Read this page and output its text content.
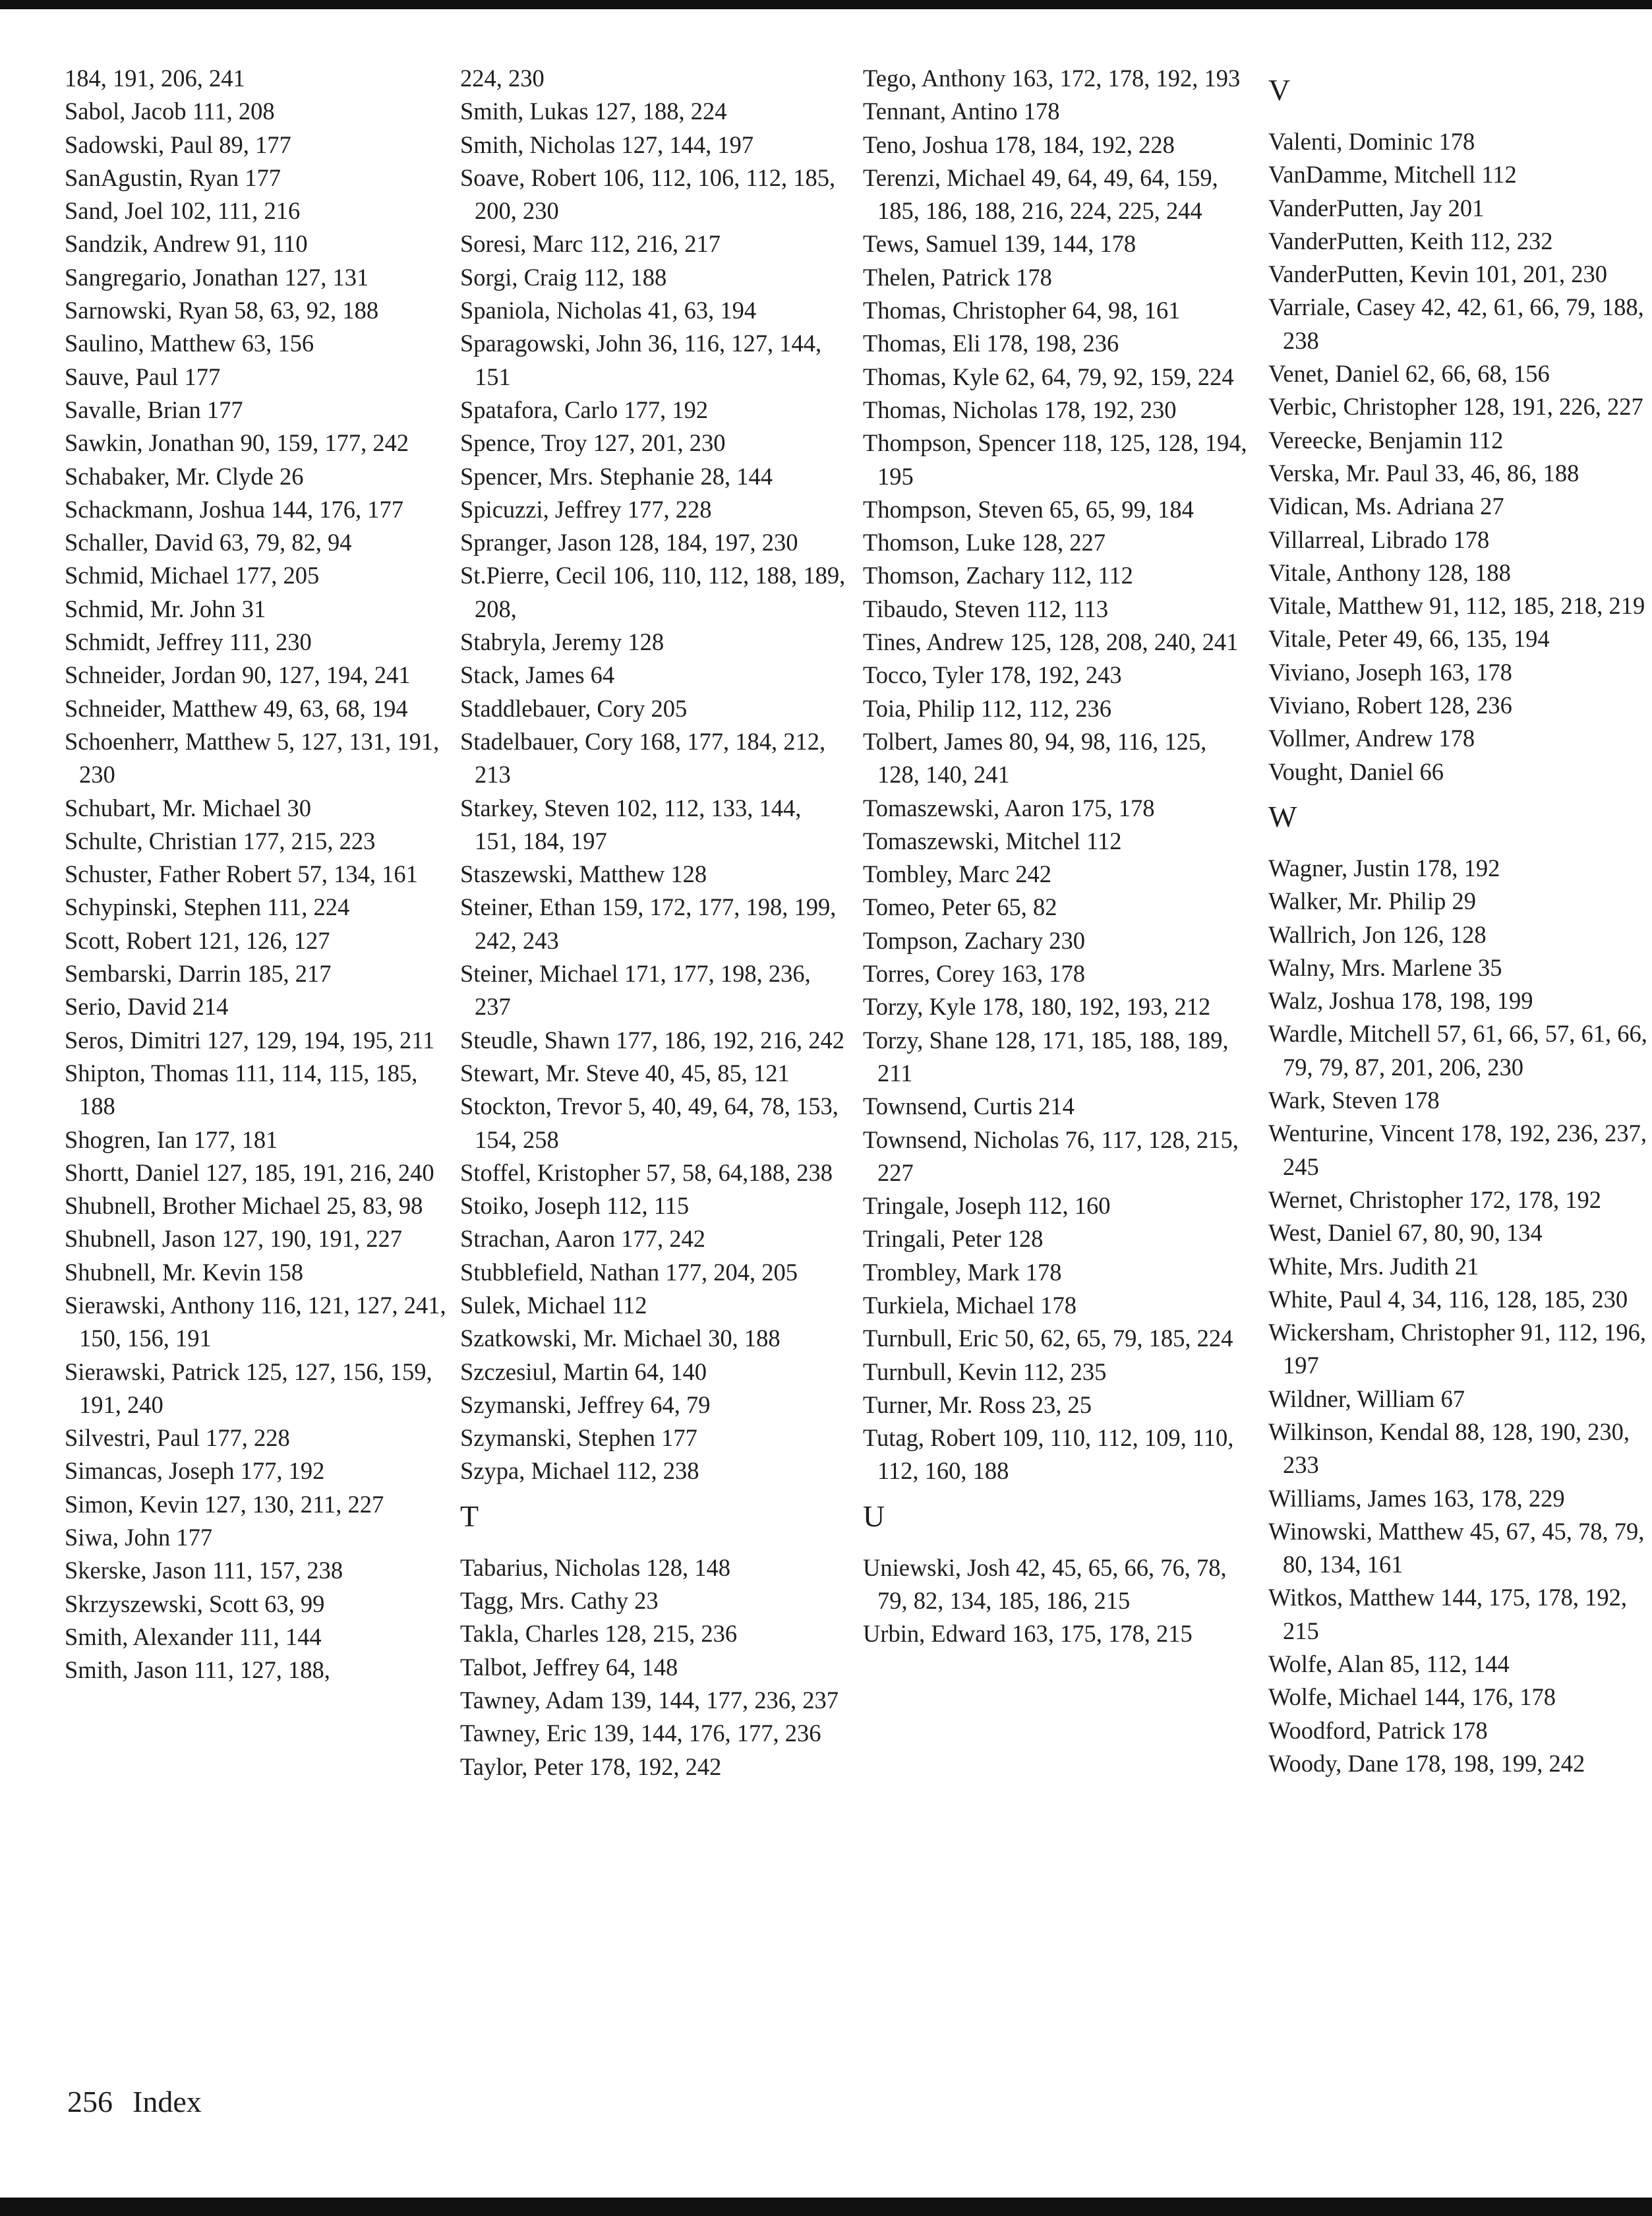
184, 191, 206, 241
Sabol, Jacob 111, 208
Sadowski, Paul 89, 177
SanAgustin, Ryan 177
Sand, Joel 102, 111, 216
Sandzik, Andrew 91, 110
Sangregario, Jonathan 127, 131
Sarnowski, Ryan 58, 63, 92, 188
Saulino, Matthew 63, 156
Sauve, Paul 177
Savalle, Brian 177
Sawkin, Jonathan 90, 159, 177, 242
Schabaker, Mr. Clyde 26
Schackmann, Joshua 144, 176, 177
Schaller, David 63, 79, 82, 94
Schmid, Michael 177, 205
Schmid, Mr. John 31
Schmidt, Jeffrey 111, 230
Schneider, Jordan 90, 127, 194, 241
Schneider, Matthew 49, 63, 68, 194
Schoenherr, Matthew 5, 127, 131, 191, 230
Schubart, Mr. Michael 30
Schulte, Christian 177, 215, 223
Schuster, Father Robert 57, 134, 161
Schypinski, Stephen 111, 224
Scott, Robert 121, 126, 127
Sembarski, Darrin 185, 217
Serio, David 214
Seros, Dimitri 127, 129, 194, 195, 211
Shipton, Thomas 111, 114, 115, 185, 188
Shogren, Ian 177, 181
Shortt, Daniel 127, 185, 191, 216, 240
Shubnell, Brother Michael 25, 83, 98
Shubnell, Jason 127, 190, 191, 227
Shubnell, Mr. Kevin 158
Sierawski, Anthony 116, 121, 127, 241, 150, 156, 191
Sierawski, Patrick 125, 127, 156, 159, 191, 240
Silvestri, Paul 177, 228
Simancas, Joseph 177, 192
Simon, Kevin 127, 130, 211, 227
Siwa, John 177
Skerske, Jason 111, 157, 238
Skrzyszewski, Scott 63, 99
Smith, Alexander 111, 144
Smith, Jason 111, 127, 188,
224, 230
Smith, Lukas 127, 188, 224
Smith, Nicholas 127, 144, 197
Soave, Robert 106, 112, 106, 112, 185, 200, 230
Soresi, Marc 112, 216, 217
Sorgi, Craig 112, 188
Spaniola, Nicholas 41, 63, 194
Sparagowski, John 36, 116, 127, 144, 151
Spatafora, Carlo 177, 192
Spence, Troy 127, 201, 230
Spencer, Mrs. Stephanie 28, 144
Spicuzzi, Jeffrey 177, 228
Spranger, Jason 128, 184, 197, 230
St.Pierre, Cecil 106, 110, 112, 188, 189, 208,
Stabryla, Jeremy 128
Stack, James 64
Staddlebauer, Cory 205
Stadelbauer, Cory 168, 177, 184, 212, 213
Starkey, Steven 102, 112, 133, 144, 151, 184, 197
Staszewski, Matthew 128
Steiner, Ethan 159, 172, 177, 198, 199, 242, 243
Steiner, Michael 171, 177, 198, 236, 237
Steudle, Shawn 177, 186, 192, 216, 242
Stewart, Mr. Steve 40, 45, 85, 121
Stockton, Trevor 5, 40, 49, 64, 78, 153, 154, 258
Stoffel, Kristopher 57, 58, 64,188, 238
Stoiko, Joseph 112, 115
Strachan, Aaron 177, 242
Stubblefield, Nathan 177, 204, 205
Sulek, Michael 112
Szatkowski, Mr. Michael 30, 188
Szczesiul, Martin 64, 140
Szymanski, Jeffrey 64, 79
Szymanski, Stephen 177
Szypa, Michael 112, 238
T
Tabarius, Nicholas 128, 148
Tagg, Mrs. Cathy 23
Takla, Charles 128, 215, 236
Talbot, Jeffrey 64, 148
Tawney, Adam 139, 144, 177, 236, 237
Tawney, Eric 139, 144, 176, 177, 236
Taylor, Peter 178, 192, 242
Tego, Anthony 163, 172, 178, 192, 193
Tennant, Antino 178
Teno, Joshua 178, 184, 192, 228
Terenzi, Michael 49, 64, 49, 64, 159, 185, 186, 188, 216, 224, 225, 244
Tews, Samuel 139, 144, 178
Thelen, Patrick 178
Thomas, Christopher 64, 98, 161
Thomas, Eli 178, 198, 236
Thomas, Kyle 62, 64, 79, 92, 159, 224
Thomas, Nicholas 178, 192, 230
Thompson, Spencer 118, 125, 128, 194, 195
Thompson, Steven 65, 65, 99, 184
Thomson, Luke 128, 227
Thomson, Zachary 112, 112
Tibaudo, Steven 112, 113
Tines, Andrew 125, 128, 208, 240, 241
Tocco, Tyler 178, 192, 243
Toia, Philip 112, 112, 236
Tolbert, James 80, 94, 98, 116, 125, 128, 140, 241
Tomaszewski, Aaron 175, 178
Tomaszewski, Mitchel 112
Tombley, Marc 242
Tomeo, Peter 65, 82
Tompson, Zachary 230
Torres, Corey 163, 178
Torzy, Kyle 178, 180, 192, 193, 212
Torzy, Shane 128, 171, 185, 188, 189, 211
Townsend, Curtis 214
Townsend, Nicholas 76, 117, 128, 215, 227
Tringale, Joseph 112, 160
Tringali, Peter 128
Trombley, Mark 178
Turkiela, Michael 178
Turnbull, Eric 50, 62, 65, 79, 185, 224
Turnbull, Kevin 112, 235
Turner, Mr. Ross 23, 25
Tutag, Robert 109, 110, 112, 109, 110, 112, 160, 188
U
Uniewski, Josh 42, 45, 65, 66, 76, 78, 79, 82, 134, 185, 186, 215
Urbin, Edward 163, 175, 178, 215
V
Valenti, Dominic 178
VanDamme, Mitchell 112
VanderPutten, Jay 201
VanderPutten, Keith 112, 232
VanderPutten, Kevin 101, 201, 230
Varriale, Casey 42, 42, 61, 66, 79, 188, 238
Venet, Daniel 62, 66, 68, 156
Verbic, Christopher 128, 191, 226, 227
Vereecke, Benjamin 112
Verska, Mr. Paul 33, 46, 86, 188
Vidican, Ms. Adriana 27
Villarreal, Librado 178
Vitale, Anthony 128, 188
Vitale, Matthew 91, 112, 185, 218, 219
Vitale, Peter 49, 66, 135, 194
Viviano, Joseph 163, 178
Viviano, Robert 128, 236
Vollmer, Andrew 178
Vought, Daniel 66
W
Wagner, Justin 178, 192
Walker, Mr. Philip 29
Wallrich, Jon 126, 128
Walny, Mrs. Marlene 35
Walz, Joshua 178, 198, 199
Wardle, Mitchell 57, 61, 66, 57, 61, 66, 79, 79, 87, 201, 206, 230
Wark, Steven 178
Wenturine, Vincent 178, 192, 236, 237, 245
Wernet, Christopher 172, 178, 192
West, Daniel 67, 80, 90, 134
White, Mrs. Judith 21
White, Paul 4, 34, 116, 128, 185, 230
Wickersham, Christopher 91, 112, 196, 197
Wildner, William 67
Wilkinson, Kendal 88, 128, 190, 230, 233
Williams, James 163, 178, 229
Winowski, Matthew 45, 67, 45, 78, 79, 80, 134, 161
Witkos, Matthew 144, 175, 178, 192, 215
Wolfe, Alan 85, 112, 144
Wolfe, Michael 144, 176, 178
Woodford, Patrick 178
Woody, Dane 178, 198, 199, 242
256 Index
